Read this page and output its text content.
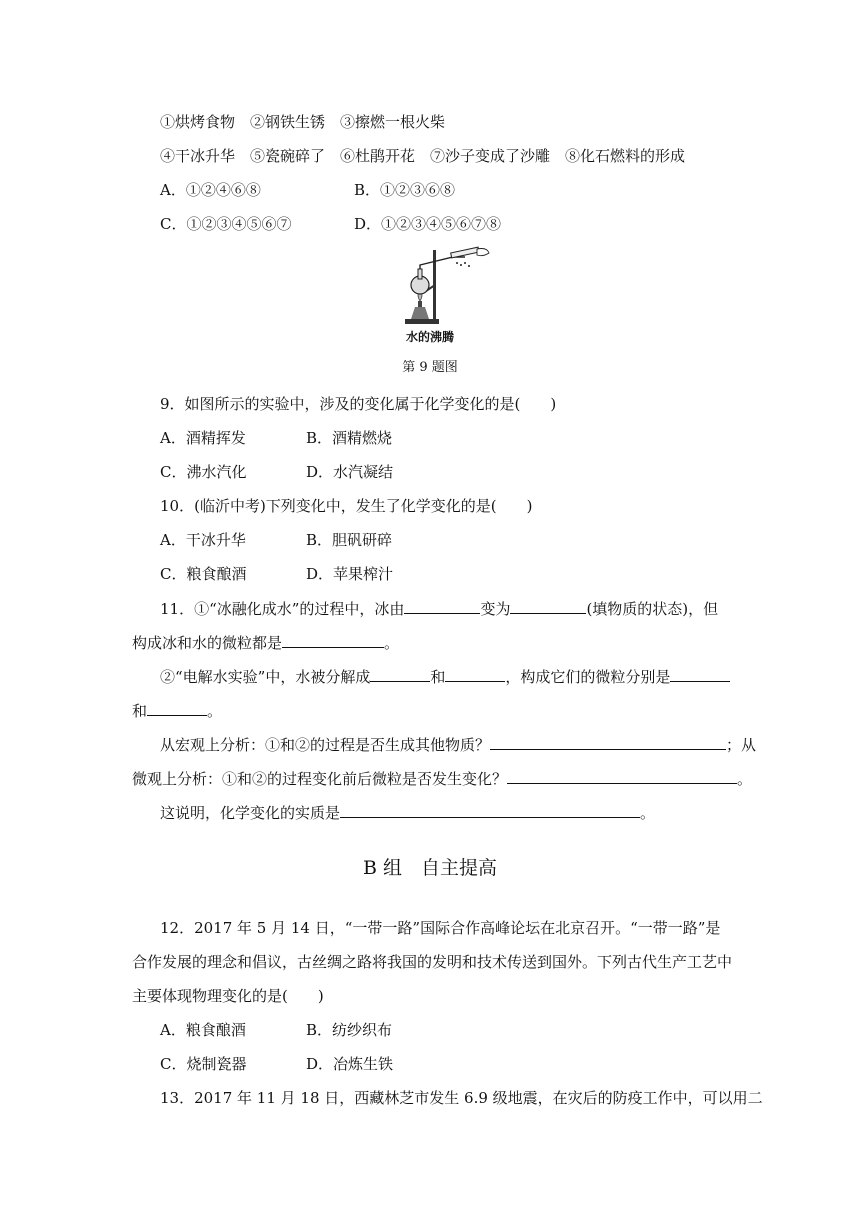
①烘烤食物　②钢铁生锈　③擦燃一根火柴
④干冰升华　⑤瓷碗碎了　⑥杜鹃开花　⑦沙子变成了沙雕　⑧化石燃料的形成
A．①②④⑥⑧	B．①②③⑥⑧
C．①②③④⑤⑥⑦	D．①②③④⑤⑥⑦⑧
水的沸腾
第 9 题图
9．如图所示的实验中，涉及的变化属于化学变化的是(　　)
A．酒精挥发	B．酒精燃烧
C．沸水汽化	D．水汽凝结
10．(临沂中考)下列变化中，发生了化学变化的是(　　)
A．干冰升华	B．胆矾研碎
C．粮食酿酒	D．苹果榨汁
11．①“冰融化成水”的过程中，冰由	变为	(填物质的状态)，但
构成冰和水的微粒都是	。
②“电解水实验”中，水被分解成	和	，构成它们的微粒分别是
和	。
从宏观上分析：①和②的过程是否生成其他物质？	；从
微观上分析：①和②的过程变化前后微粒是否发生变化？	。
这说明，化学变化的实质是	。
B 组　自主提高
12．2017 年 5 月 14 日，“一带一路”国际合作高峰论坛在北京召开。“一带一路”是
合作发展的理念和倡议，古丝绸之路将我国的发明和技术传送到国外。下列古代生产工艺中
主要体现物理变化的是(　　)
A．粮食酿酒	B．纺纱织布
C．烧制瓷器	D．冶炼生铁
13．2017 年 11 月 18 日，西藏林芝市发生 6.9 级地震，在灾后的防疫工作中，可以用二
